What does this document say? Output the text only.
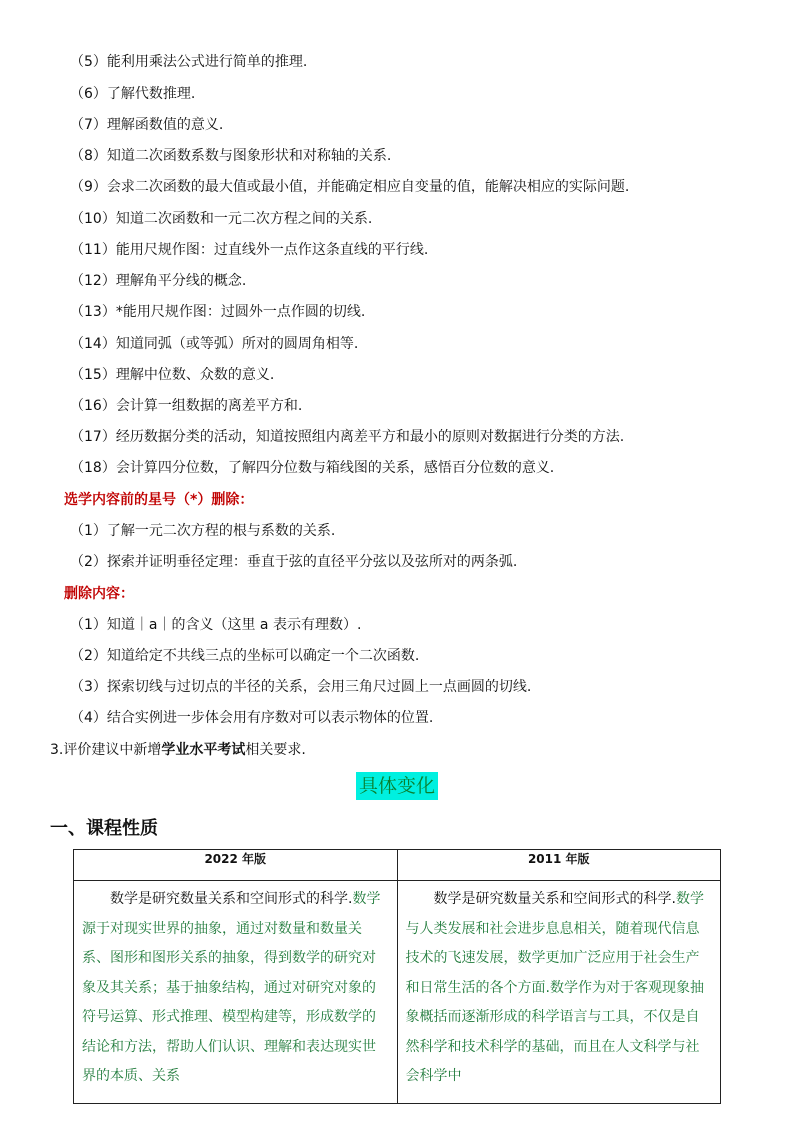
（5）能利用乘法公式进行简单的推理.
（6）了解代数推理.
（7）理解函数值的意义.
（8）知道二次函数系数与图象形状和对称轴的关系.
（9）会求二次函数的最大值或最小值，并能确定相应自变量的值，能解决相应的实际问题.
（10）知道二次函数和一元二次方程之间的关系.
（11）能用尺规作图：过直线外一点作这条直线的平行线.
（12）理解角平分线的概念.
（13）*能用尺规作图：过圆外一点作圆的切线.
（14）知道同弧（或等弧）所对的圆周角相等.
（15）理解中位数、众数的意义.
（16）会计算一组数据的离差平方和.
（17）经历数据分类的活动，知道按照组内离差平方和最小的原则对数据进行分类的方法.
（18）会计算四分位数，了解四分位数与箱线图的关系，感悟百分位数的意义.
选学内容前的星号（*）删除：
（1）了解一元二次方程的根与系数的关系.
（2）探索并证明垂径定理：垂直于弦的直径平分弦以及弦所对的两条弧.
删除内容：
（1）知道｜a｜的含义（这里 a 表示有理数）.
（2）知道给定不共线三点的坐标可以确定一个二次函数.
（3）探索切线与过切点的半径的关系，会用三角尺过圆上一点画圆的切线.
（4）结合实例进一步体会用有序数对可以表示物体的位置.
3.评价建议中新增学业水平考试相关要求.
具体变化
一、课程性质
2022 年版	2011 年版

数学是研究数量关系和空间形式的科学.数学源于对现实世界的抽象，通过对数量和数量关系、图形和图形关系的抽象，得到数学的研究对象及其关系；基于抽象结构，通过对研究对象的符号运算、形式推理、模型构建等，形成数学的结论和方法，帮助人们认识、理解和表达现实世界的本质、关系	数学是研究数量关系和空间形式的科学.数学与人类发展和社会进步息息相关，随着现代信息技术的飞速发展，数学更加广泛应用于社会生产和日常生活的各个方面.数学作为对于客观现象抽象概括而逐渐形成的科学语言与工具，不仅是自然科学和技术科学的基础，而且在人文科学与社会科学中
